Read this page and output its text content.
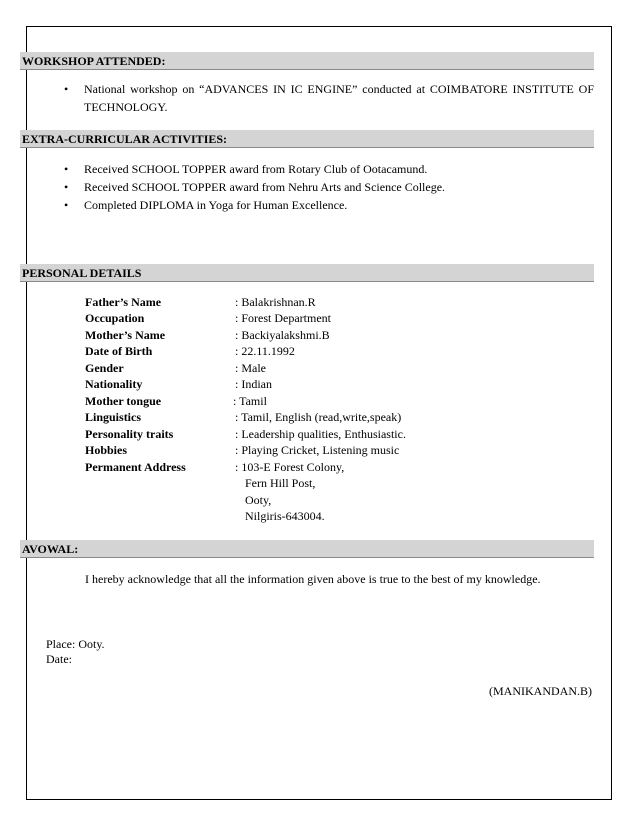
WORKSHOP ATTENDED:
• National workshop on “ADVANCES IN IC ENGINE” conducted at COIMBATORE INSTITUTE OF TECHNOLOGY.
EXTRA-CURRICULAR ACTIVITIES:
• Received SCHOOL TOPPER award from Rotary Club of Ootacamund.
• Received SCHOOL TOPPER award from Nehru Arts and Science College.
• Completed DIPLOMA in Yoga for Human Excellence.
PERSONAL DETAILS
Father’s Name	: Balakrishnan.R
Occupation	: Forest Department
Mother’s Name	: Backiyalakshmi.B
Date of Birth	: 22.11.1992
Gender	: Male
Nationality	: Indian
Mother tongue	: Tamil
Linguistics	: Tamil, English (read,write,speak)
Personality traits	: Leadership qualities, Enthusiastic.
Hobbies	: Playing Cricket, Listening music
Permanent Address	: 103-E Forest Colony,
Fern Hill Post,
Ooty,
Nilgiris-643004.
AVOWAL:
I hereby acknowledge that all the information given above is true to the best of my knowledge.
Place: Ooty.
Date:
(MANIKANDAN.B)
